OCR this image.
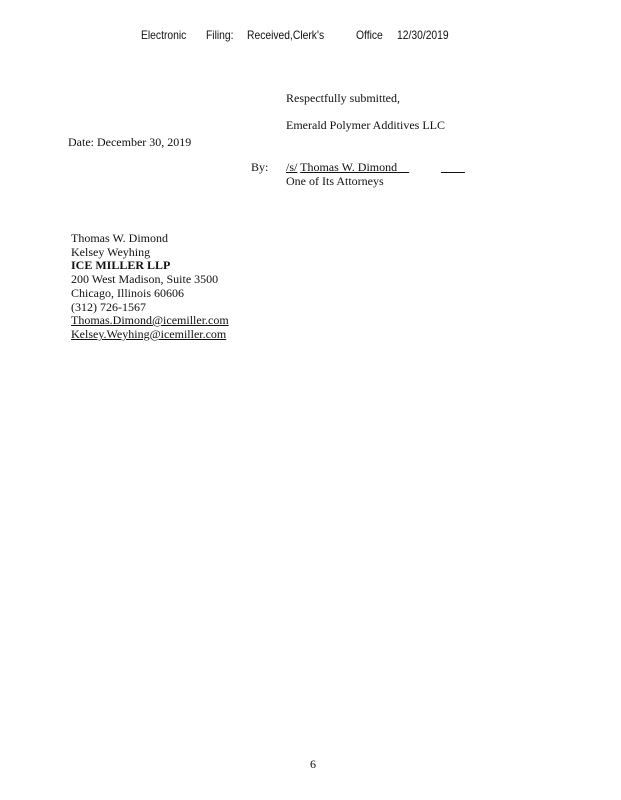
Electronic Filing: Received,Clerk's	Office 12/30/2019
Respectfully submitted,
Emerald Polymer Additives LLC
Date: December 30, 2019
By: /s/ Thomas W. Dimond
One of Its Attorneys
Thomas W. Dimond
Kelsey Weyhing
ICE MILLER LLP
200 West Madison, Suite 3500
Chicago, Illinois 60606
(312) 726-1567
Thomas.Dimond@icemiller.com
Kelsey.Weyhing@icemiller.com
6
